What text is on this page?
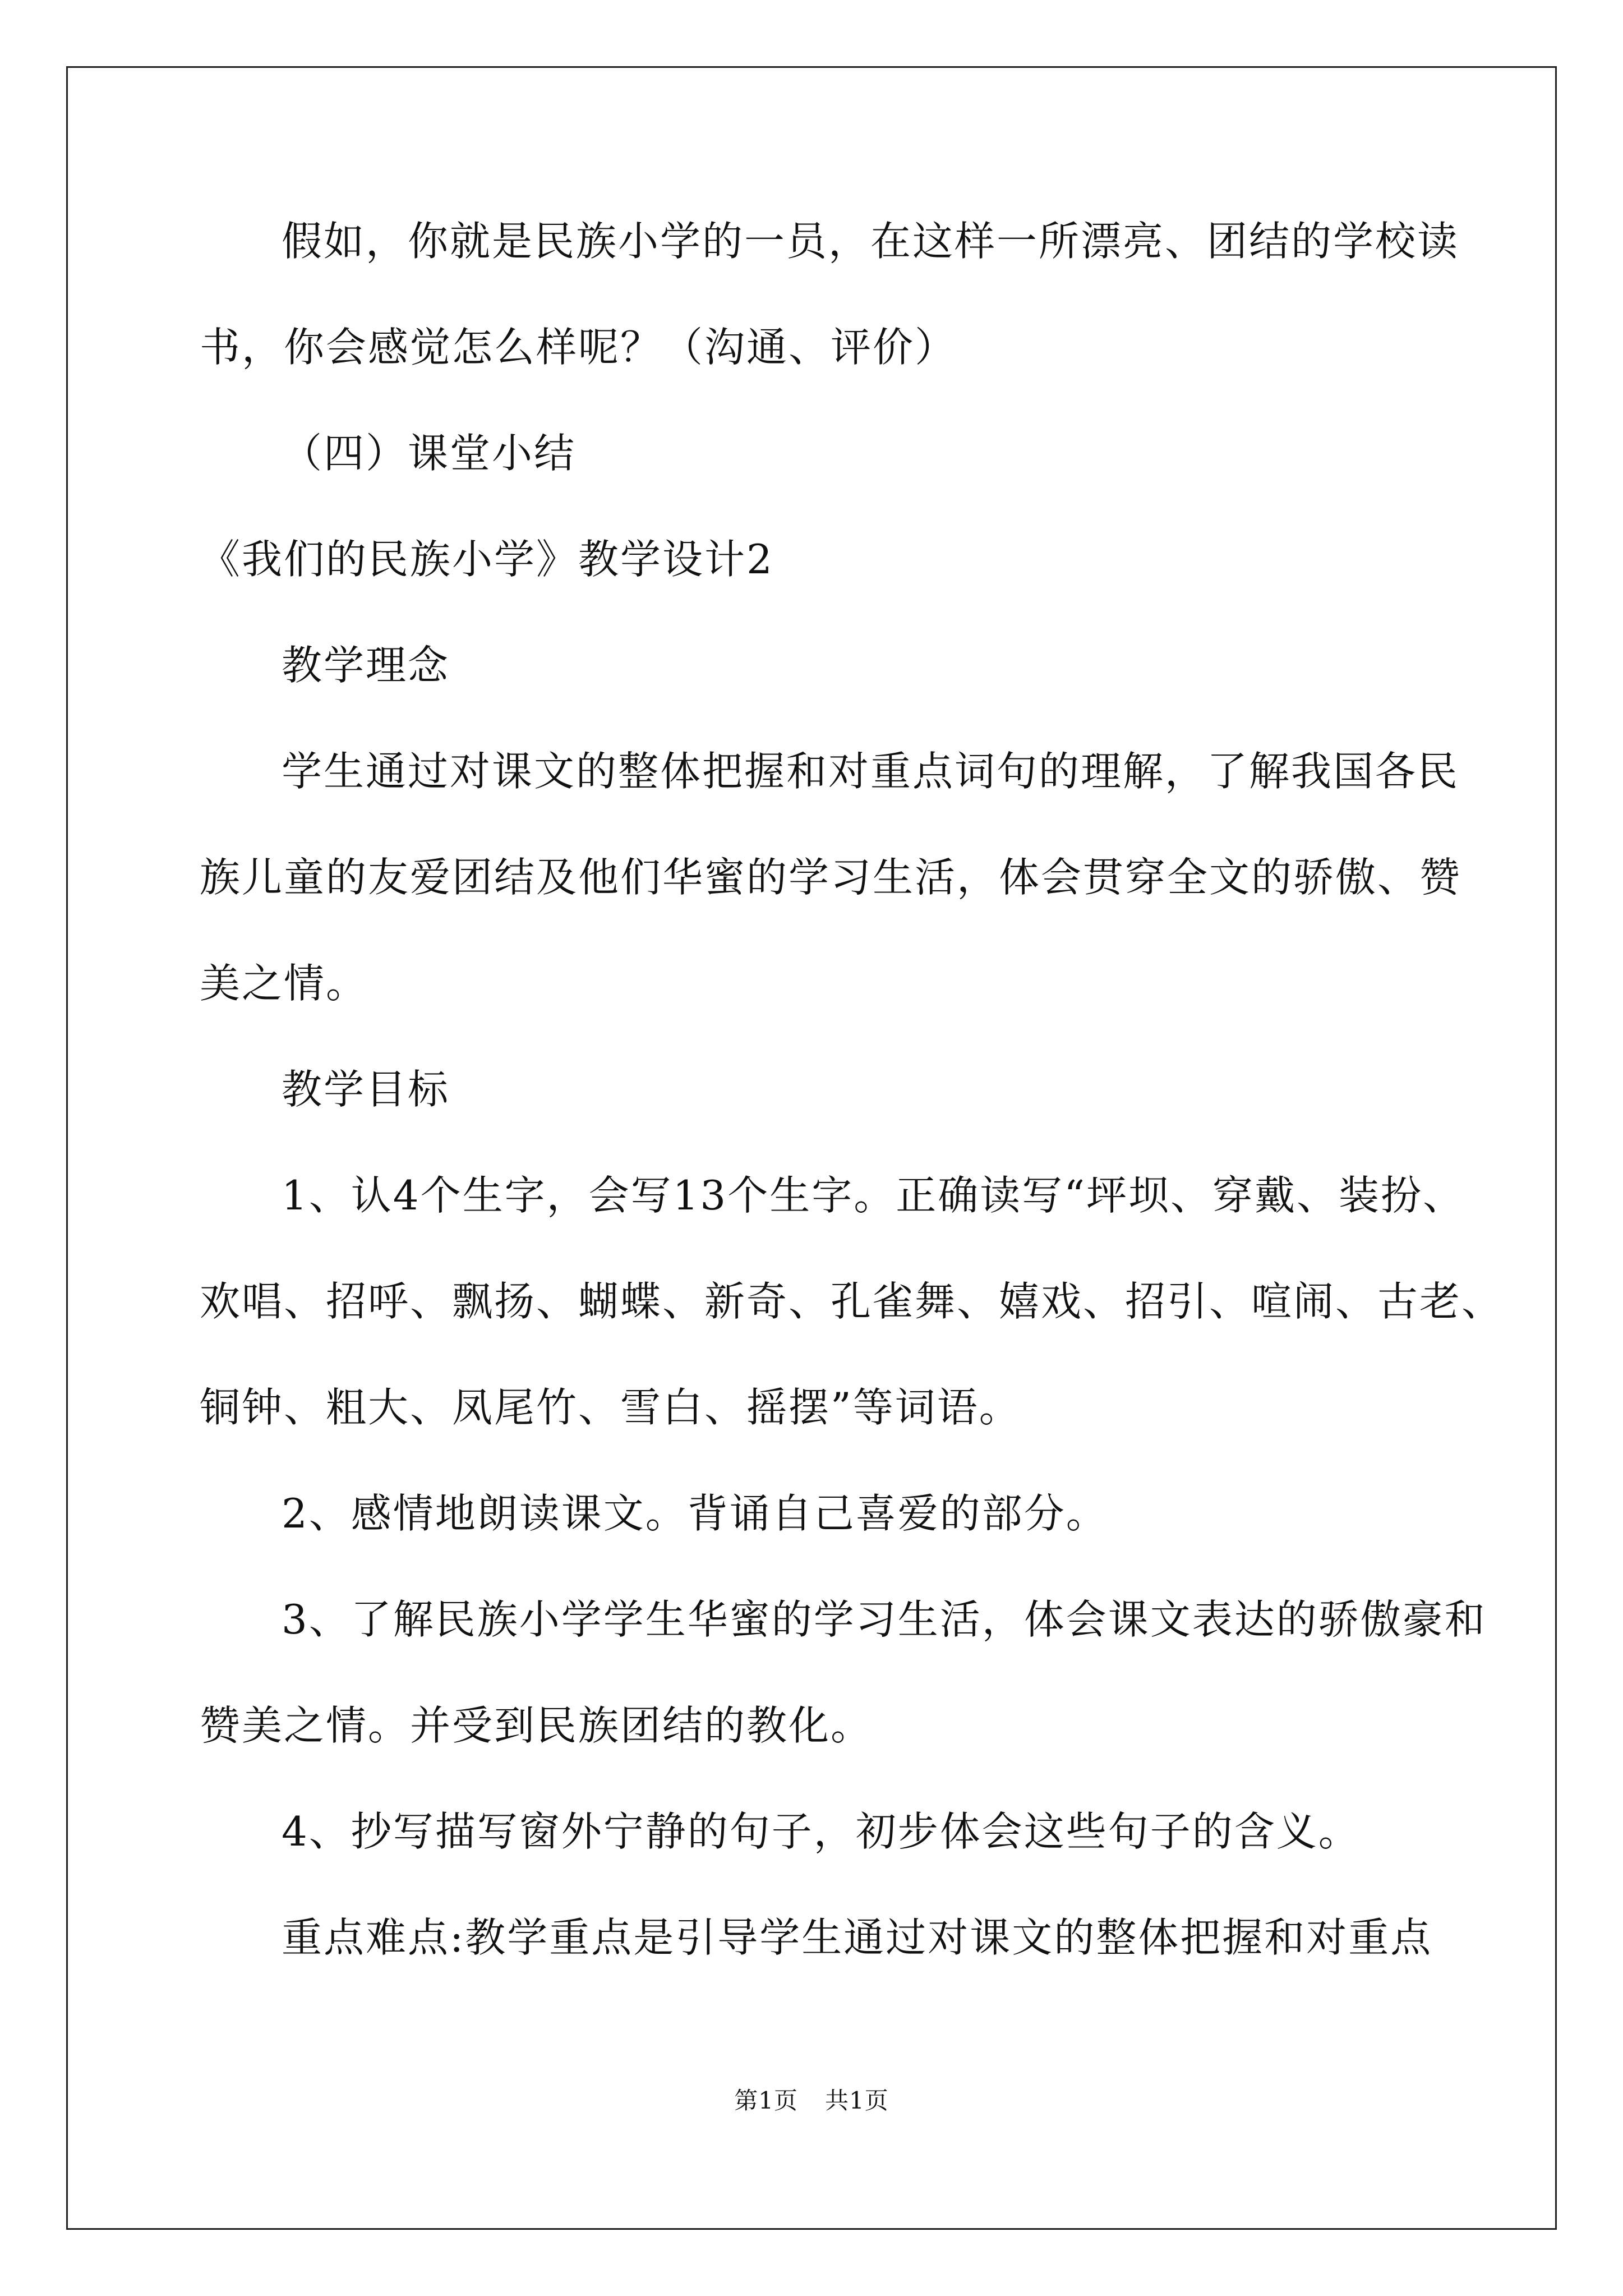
假如，你就是民族小学的一员，在这样一所漂亮、团结的学校读
书，你会感觉怎么样呢？（沟通、评价）
（四）课堂小结
《我们的民族小学》教学设计2
教学理念
学生通过对课文的整体把握和对重点词句的理解，了解我国各民
族儿童的友爱团结及他们华蜜的学习生活，体会贯穿全文的骄傲、赞
美之情。
教学目标
1、认4个生字，会写13个生字。正确读写“坪坝、穿戴、装扮、
欢唱、招呼、飘扬、蝴蝶、新奇、孔雀舞、嬉戏、招引、喧闹、古老、
铜钟、粗大、凤尾竹、雪白、摇摆”等词语。
2、感情地朗读课文。背诵自己喜爱的部分。
3、了解民族小学学生华蜜的学习生活，体会课文表达的骄傲豪和
赞美之情。并受到民族团结的教化。
4、抄写描写窗外宁静的句子，初步体会这些句子的含义。
重点难点:教学重点是引导学生通过对课文的整体把握和对重点
第1页 共1页
